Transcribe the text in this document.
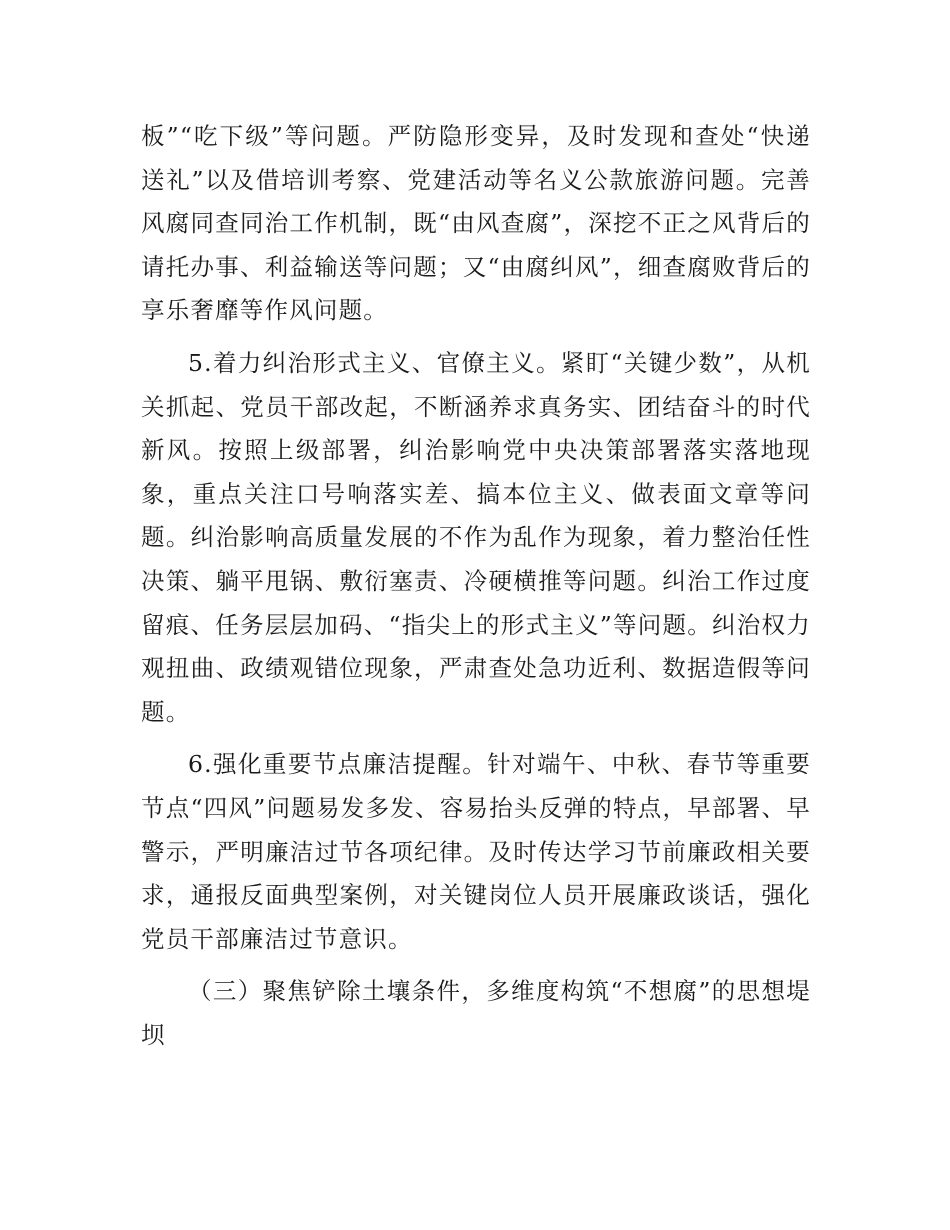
板”“吃下级”等问题。严防隐形变异，及时发现和查处“快递送礼”以及借培训考察、党建活动等名义公款旅游问题。完善风腐同查同治工作机制，既“由风查腐”，深挖不正之风背后的请托办事、利益输送等问题；又“由腐纠风”，细查腐败背后的享乐奢靡等作风问题。

5.着力纠治形式主义、官僚主义。紧盯“关键少数”，从机关抓起、党员干部改起，不断涵养求真务实、团结奋斗的时代新风。按照上级部署，纠治影响党中央决策部署落实落地现象，重点关注口号响落实差、搞本位主义、做表面文章等问题。纠治影响高质量发展的不作为乱作为现象，着力整治任性决策、躺平甩锅、敷衍塞责、冷硬横推等问题。纠治工作过度留痕、任务层层加码、“指尖上的形式主义”等问题。纠治权力观扭曲、政绩观错位现象，严肃查处急功近利、数据造假等问题。

6.强化重要节点廉洁提醒。针对端午、中秋、春节等重要节点“四风”问题易发多发、容易抬头反弹的特点，早部署、早警示，严明廉洁过节各项纪律。及时传达学习节前廉政相关要求，通报反面典型案例，对关键岗位人员开展廉政谈话，强化党员干部廉洁过节意识。

（三）聚焦铲除土壤条件，多维度构筑“不想腐”的思想堤坝
